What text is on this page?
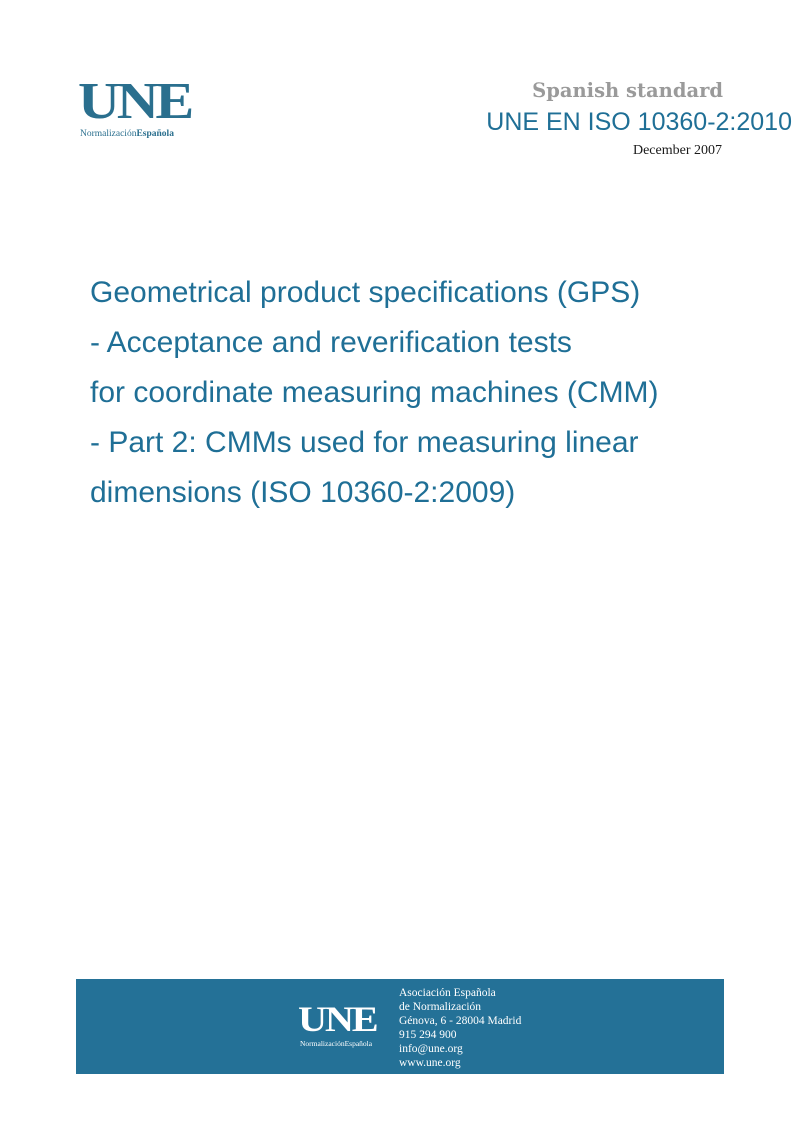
UNE
NormalizaciónEspañola
Spanish standard
UNE EN ISO 10360-2:2010
December 2007
Geometrical product specifications (GPS)
- Acceptance and reverification tests
for coordinate measuring machines (CMM)
- Part 2: CMMs used for measuring linear
dimensions (ISO 10360-2:2009)
UNE
NormalizaciónEspañola
Asociación Española
de Normalización
Génova, 6 - 28004 Madrid
915 294 900
info@une.org
www.une.org
